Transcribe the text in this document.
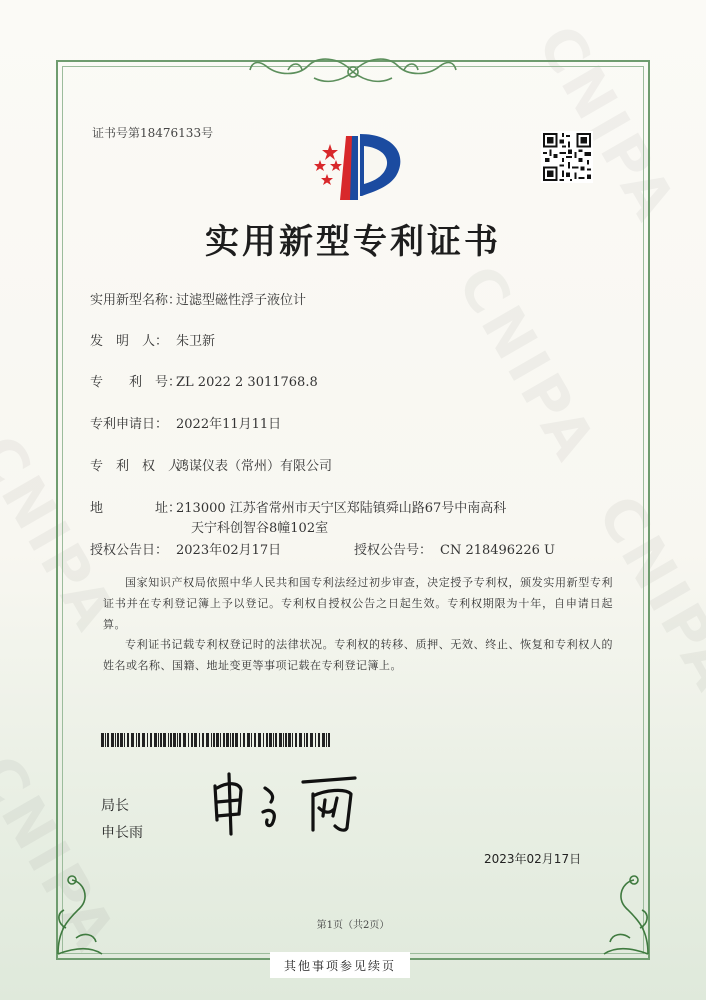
证书号第18476133号
实用新型专利证书
实用新型名称：过滤型磁性浮子液位计
发　明　人： 朱卫新
专　　利　号：ZL 2022 2 3011768.8
专利申请日： 2022年11月11日
专　利　权　人：鸿谋仪表（常州）有限公司
地　　　　址：213000 江苏省常州市天宁区郑陆镇舜山路67号中南高科
天宁科创智谷8幢102室
授权公告日： 2023年02月17日	授权公告号： CN 218496226 U
国家知识产权局依照中华人民共和国专利法经过初步审查，决定授予专利权，颁发实用新型专利证书并在专利登记簿上予以登记。专利权自授权公告之日起生效。专利权期限为十年，自申请日起算。
专利证书记载专利权登记时的法律状况。专利权的转移、质押、无效、终止、恢复和专利权人的姓名或名称、国籍、地址变更等事项记载在专利登记簿上。
局长
申长雨
2023年02月17日
第1页（共2页）
其他事项参见续页
